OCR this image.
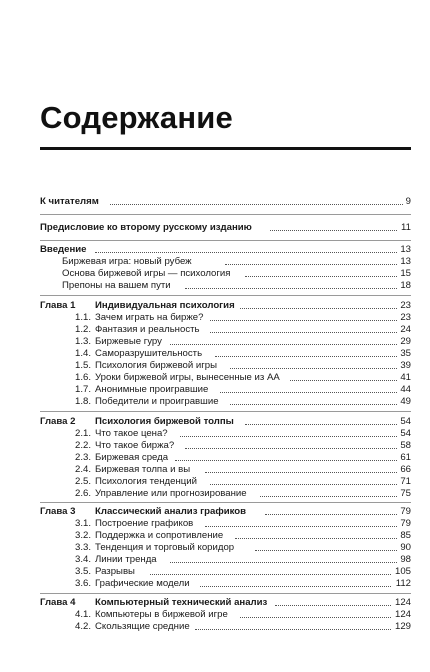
Содержание
К читателям	9
Предисловие ко второму русскому изданию	11
Введение	13
Биржевая игра: новый рубеж	13
Основа биржевой игры — психология	15
Препоны на вашем пути	18
Глава 1 Индивидуальная психология	23
1.1. Зачем играть на бирже?	23
1.2. Фантазия и реальность	24
1.3. Биржевые гуру	29
1.4. Саморазрушительность	35
1.5. Психология биржевой игры	39
1.6. Уроки биржевой игры, вынесенные из АА	41
1.7. Анонимные проигравшие	44
1.8. Победители и проигравшие	49
Глава 2 Психология биржевой толпы	54
2.1. Что такое цена?	54
2.2. Что такое биржа?	58
2.3. Биржевая среда	61
2.4. Биржевая толпа и вы	66
2.5. Психология тенденций	71
2.6. Управление или прогнозирование	75
Глава 3 Классический анализ графиков	79
3.1. Построение графиков	79
3.2. Поддержка и сопротивление	85
3.3. Тенденция и торговый коридор	90
3.4. Линии тренда	98
3.5. Разрывы	105
3.6. Графические модели	112
Глава 4 Компьютерный технический анализ	124
4.1. Компьютеры в биржевой игре	124
4.2. Скользящие средние	129
